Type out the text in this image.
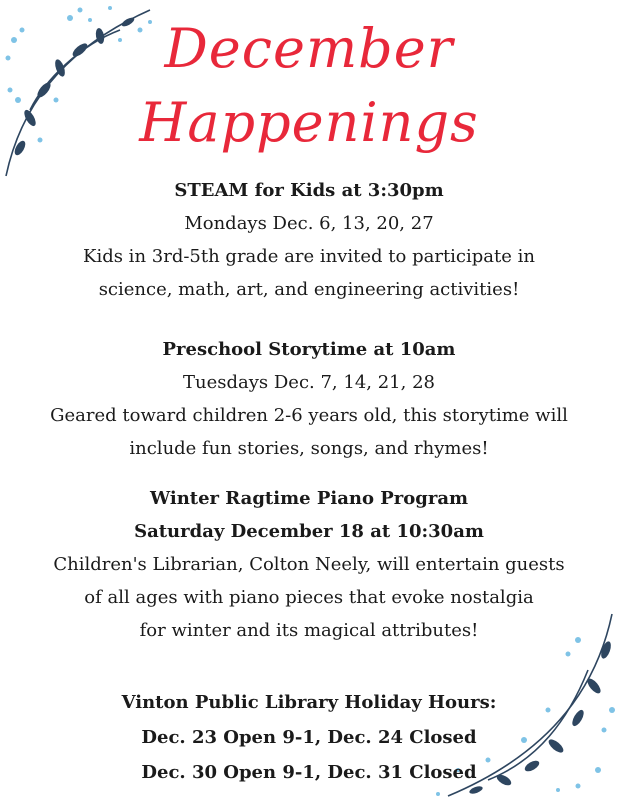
December
Happenings
STEAM for Kids at 3:30pm
Mondays Dec. 6, 13, 20, 27
Kids in 3rd-5th grade are invited to participate in
science, math, art, and engineering activities!
Preschool Storytime at 10am
Tuesdays Dec. 7, 14, 21, 28
Geared toward children 2-6 years old, this storytime will
include fun stories, songs, and rhymes!
Winter Ragtime Piano Program
Saturday December 18 at 10:30am
Children's Librarian, Colton Neely, will entertain guests
of all ages with piano pieces that evoke nostalgia
for winter and its magical attributes!
Vinton Public Library Holiday Hours:
Dec. 23 Open 9-1, Dec. 24 Closed
Dec. 30 Open 9-1, Dec. 31 Closed
